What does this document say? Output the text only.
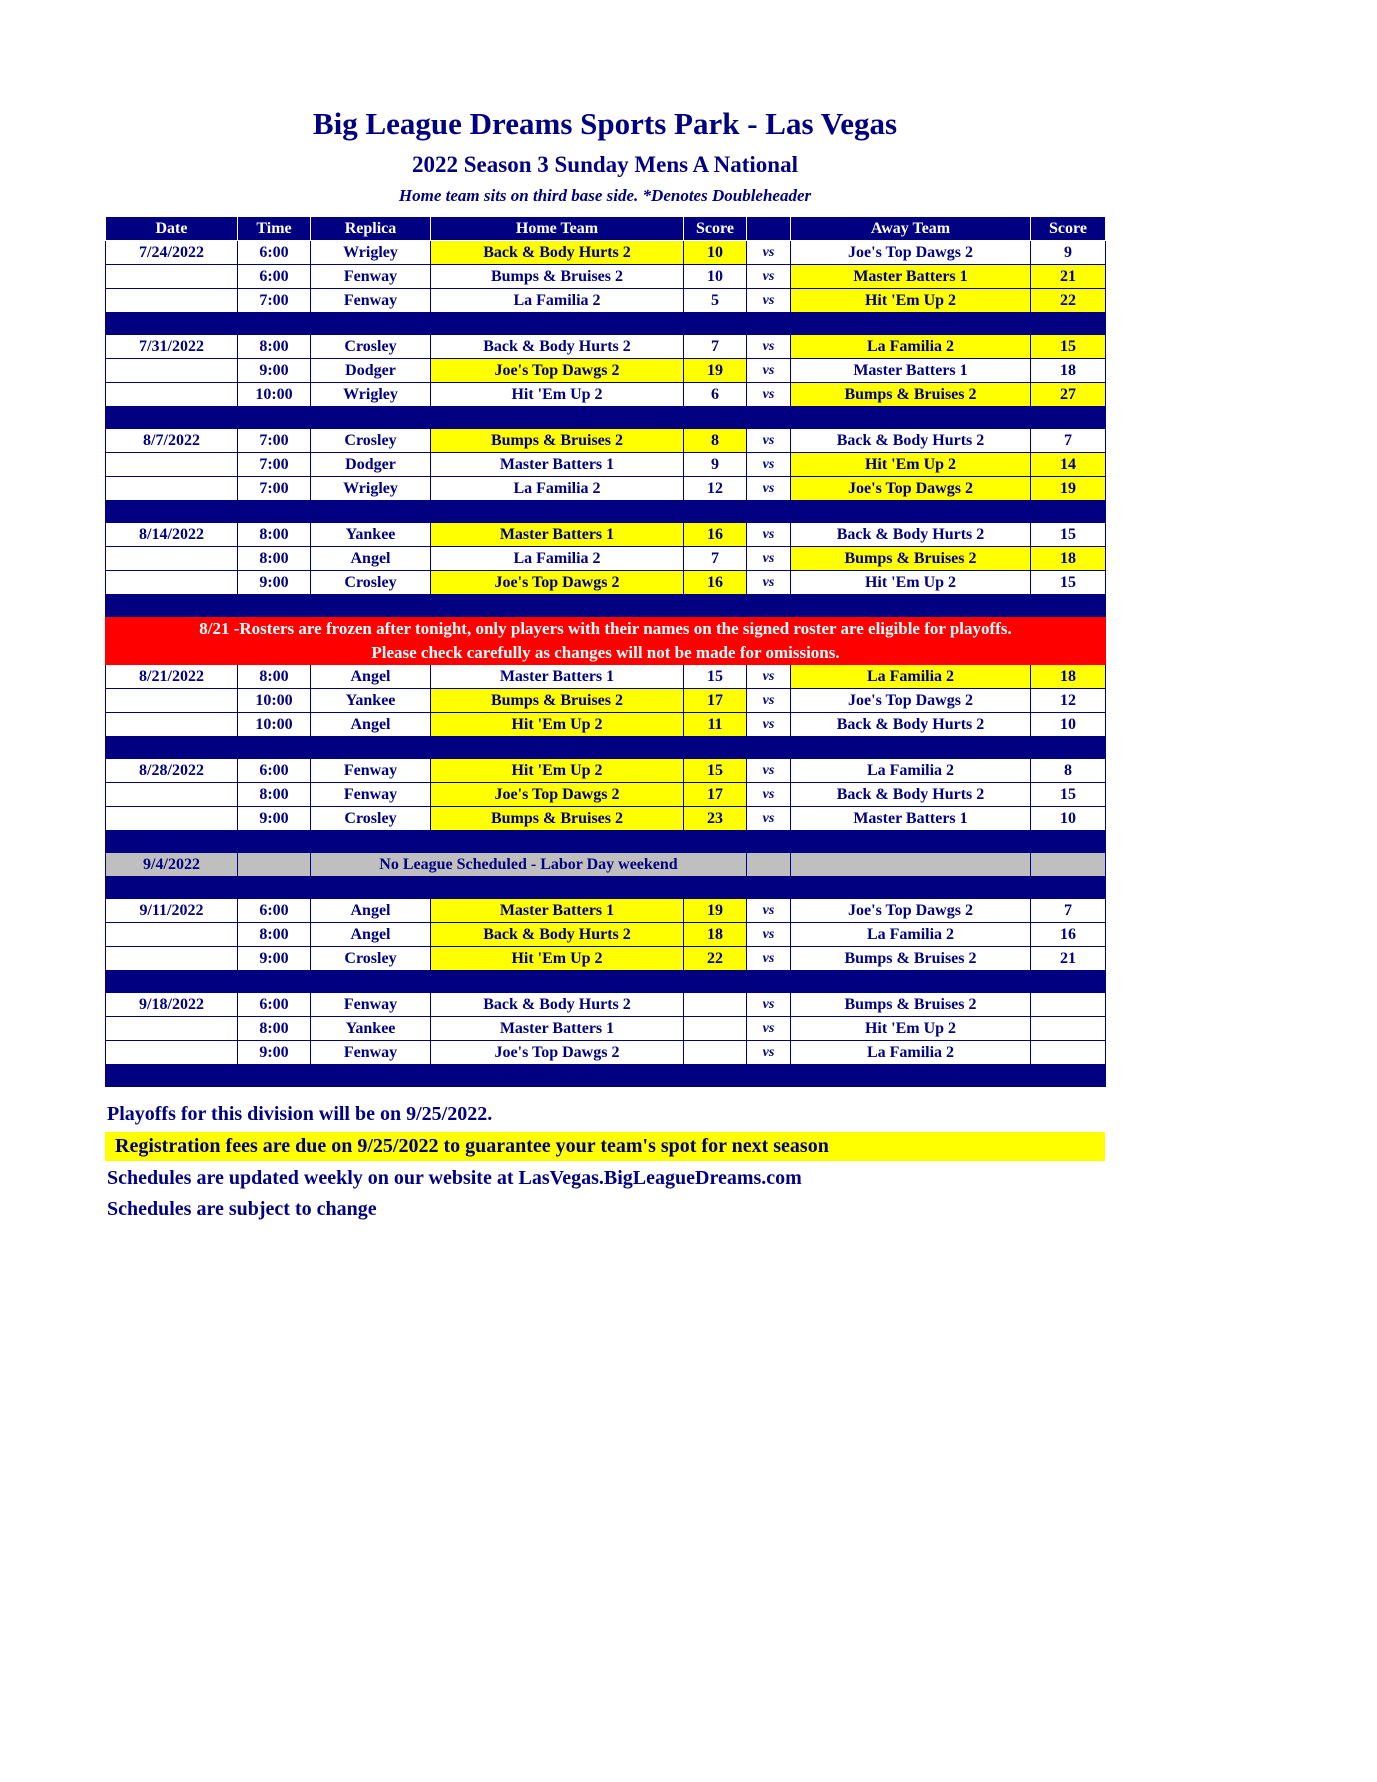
Big League Dreams Sports Park - Las Vegas
2022 Season 3 Sunday Mens A National
Home team sits on third base side. *Denotes Doubleheader
Date	Time	Replica	Home Team	Score		Away Team	Score
7/24/2022	6:00	Wrigley	Back & Body Hurts 2	10	vs	Joe's Top Dawgs 2	9
	6:00	Fenway	Bumps & Bruises 2	10	vs	Master Batters 1	21
	7:00	Fenway	La Familia 2	5	vs	Hit 'Em Up 2	22

7/31/2022	8:00	Crosley	Back & Body Hurts 2	7	vs	La Familia 2	15
	9:00	Dodger	Joe's Top Dawgs 2	19	vs	Master Batters 1	18
	10:00	Wrigley	Hit 'Em Up 2	6	vs	Bumps & Bruises 2	27

8/7/2022	7:00	Crosley	Bumps & Bruises 2	8	vs	Back & Body Hurts 2	7
	7:00	Dodger	Master Batters 1	9	vs	Hit 'Em Up 2	14
	7:00	Wrigley	La Familia 2	12	vs	Joe's Top Dawgs 2	19

8/14/2022	8:00	Yankee	Master Batters 1	16	vs	Back & Body Hurts 2	15
	8:00	Angel	La Familia 2	7	vs	Bumps & Bruises 2	18
	9:00	Crosley	Joe's Top Dawgs 2	16	vs	Hit 'Em Up 2	15

8/21 -Rosters are frozen after tonight, only players with their names on the signed roster are eligible for playoffs.							
Please check carefully as changes will not be made for omissions.							
8/21/2022	8:00	Angel	Master Batters 1	15	vs	La Familia 2	18
	10:00	Yankee	Bumps & Bruises 2	17	vs	Joe's Top Dawgs 2	12
	10:00	Angel	Hit 'Em Up 2	11	vs	Back & Body Hurts 2	10

8/28/2022	6:00	Fenway	Hit 'Em Up 2	15	vs	La Familia 2	8
	8:00	Fenway	Joe's Top Dawgs 2	17	vs	Back & Body Hurts 2	15
	9:00	Crosley	Bumps & Bruises 2	23	vs	Master Batters 1	10

9/4/2022		No League Scheduled - Labor Day weekend					

9/11/2022	6:00	Angel	Master Batters 1	19	vs	Joe's Top Dawgs 2	7
	8:00	Angel	Back & Body Hurts 2	18	vs	La Familia 2	16
	9:00	Crosley	Hit 'Em Up 2	22	vs	Bumps & Bruises 2	21

9/18/2022	6:00	Fenway	Back & Body Hurts 2		vs	Bumps & Bruises 2	
	8:00	Yankee	Master Batters 1		vs	Hit 'Em Up 2	
	9:00	Fenway	Joe's Top Dawgs 2		vs	La Familia 2	

Playoffs for this division will be on 9/25/2022.
Registration fees are due on 9/25/2022 to guarantee your team's spot for next season
Schedules are updated weekly on our website at LasVegas.BigLeagueDreams.com
Schedules are subject to change
